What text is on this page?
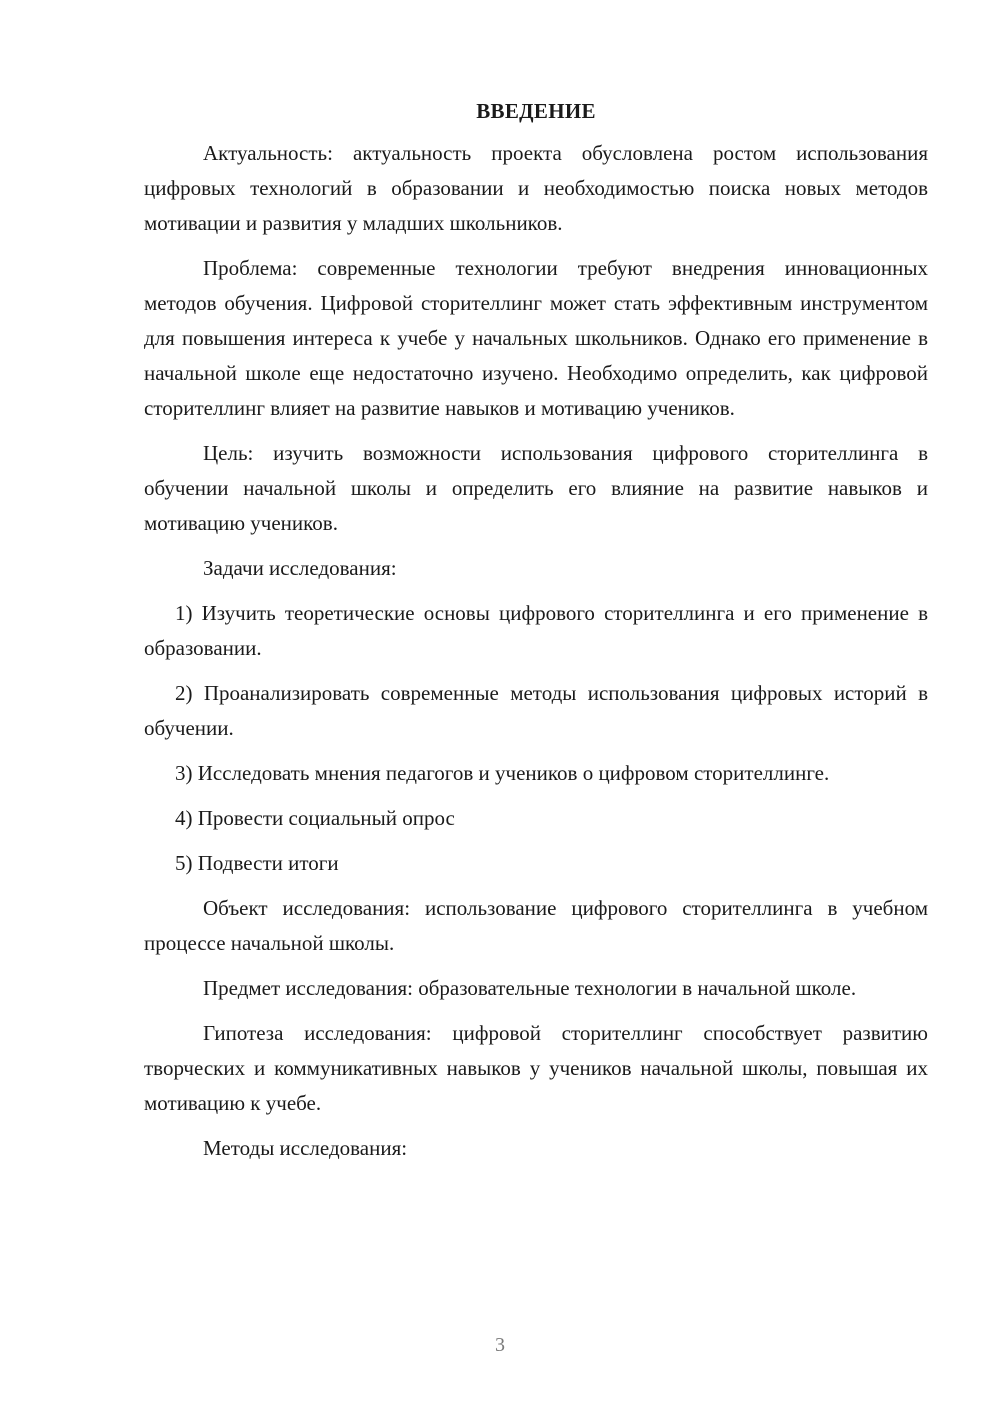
ВВЕДЕНИЕ

Актуальность: актуальность проекта обусловлена ростом использования цифровых технологий в образовании и необходимостью поиска новых методов мотивации и развития у младших школьников.

Проблема: современные технологии требуют внедрения инновационных методов обучения. Цифровой сторителлинг может стать эффективным инструментом для повышения интереса к учебе у начальных школьников. Однако его применение в начальной школе еще недостаточно изучено. Необходимо определить, как цифровой сторителлинг влияет на развитие навыков и мотивацию учеников.

Цель: изучить возможности использования цифрового сторителлинга в обучении начальной школы и определить его влияние на развитие навыков и мотивацию учеников.

Задачи исследования:

1) Изучить теоретические основы цифрового сторителлинга и его применение в образовании.

2) Проанализировать современные методы использования цифровых историй в обучении.

3) Исследовать мнения педагогов и учеников о цифровом сторителлинге.

4) Провести социальный опрос

5) Подвести итоги

Объект исследования: использование цифрового сторителлинга в учебном процессе начальной школы.

Предмет исследования: образовательные технологии в начальной школе.

Гипотеза исследования: цифровой сторителлинг способствует развитию творческих и коммуникативных навыков у учеников начальной школы, повышая их мотивацию к учебе.

Методы исследования:

3
